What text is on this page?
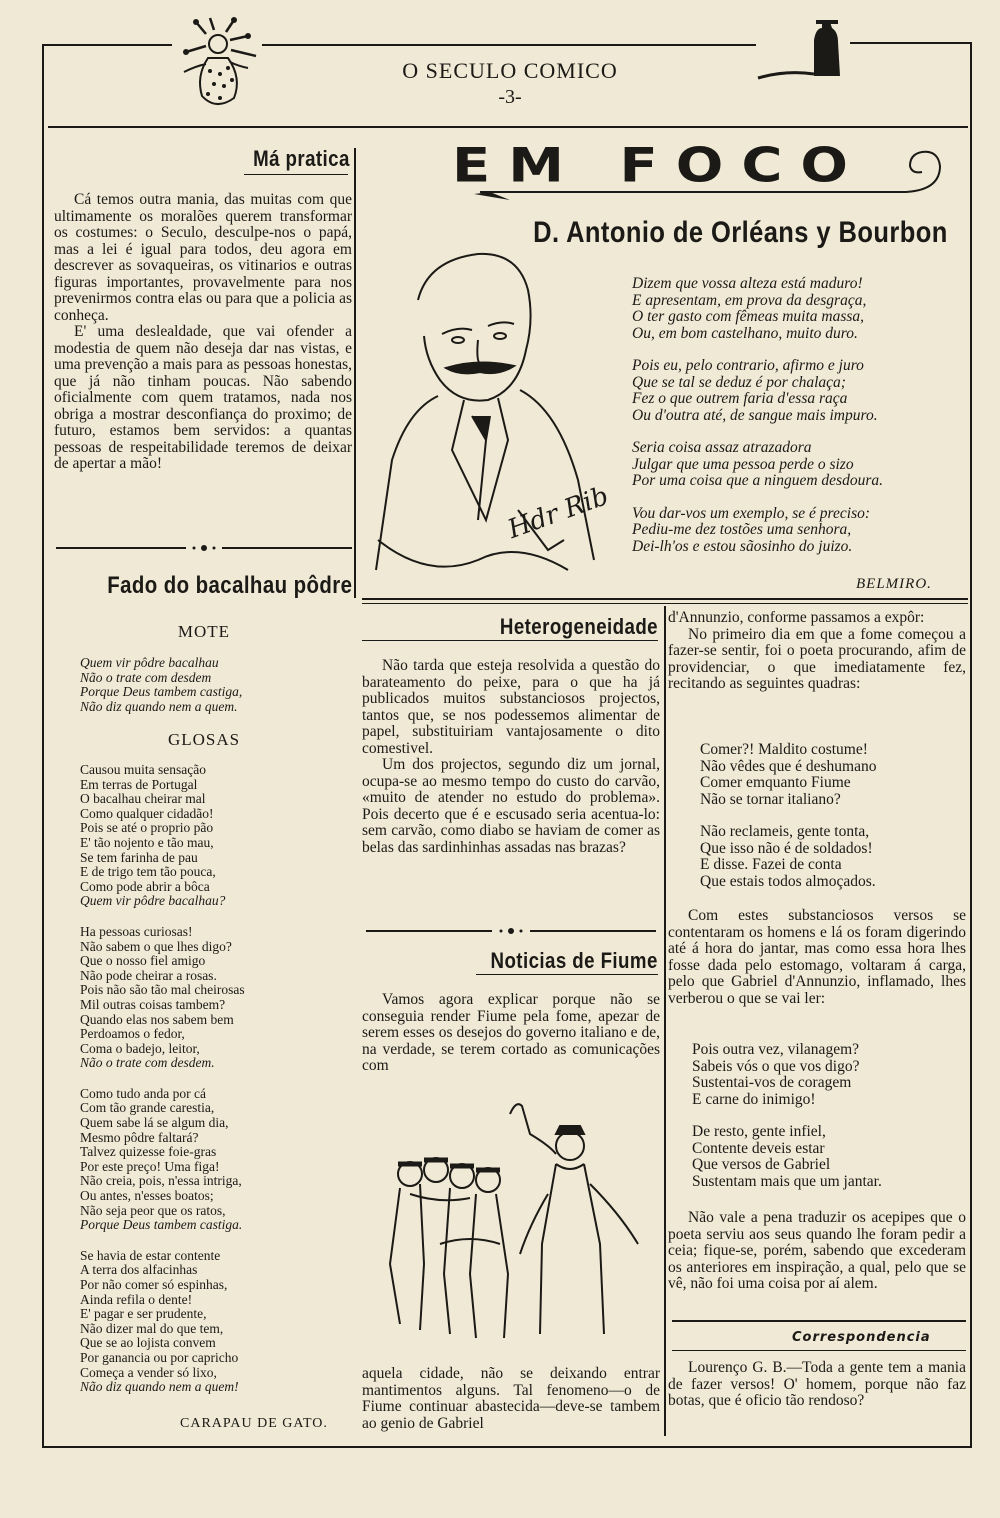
O SECULO COMICO
-3-
Má pratica

Cá temos outra mania, das muitas com que ultimamente os moralões querem transformar os costumes: o Seculo, desculpe-nos o papá, mas a lei é igual para todos, deu agora em descrever as sovaqueiras, os vitinarios e outras figuras importantes, provavelmente para nos prevenirmos contra elas ou para que a policia as conheça.

E' uma deslealdade, que vai ofender a modestia de quem não deseja dar nas vistas, e uma prevenção a mais para as pessoas honestas, que já não tinham poucas. Não sabendo oficialmente com quem tratamos, nada nos obriga a mostrar desconfiança do proximo; de futuro, estamos bem servidos: a quantas pessoas de respeitabilidade teremos de deixar de apertar a mão!

Fado do bacalhau pôdre
MOTE
Quem vir pôdre bacalhau
Não o trate com desdem
Porque Deus tambem castiga,
Não diz quando nem a quem.
GLOSAS
Causou muita sensação
Em terras de Portugal
O bacalhau cheirar mal
Como qualquer cidadão!
Pois se até o proprio pão
E' tão nojento e tão mau,
Se tem farinha de pau
E de trigo tem tão pouca,
Como pode abrir a bôca
Quem vir pôdre bacalhau?
Ha pessoas curiosas!
Não sabem o que lhes digo?
Que o nosso fiel amigo
Não pode cheirar a rosas.
Pois não são tão mal cheirosas
Mil outras coisas tambem?
Quando elas nos sabem bem
Perdoamos o fedor,
Coma o badejo, leitor,
Não o trate com desdem.
Como tudo anda por cá
Com tão grande carestia,
Quem sabe lá se algum dia,
Mesmo pôdre faltará?
Talvez quizesse foie-gras
Por este preço! Uma figa!
Não creia, pois, n'essa intriga,
Ou antes, n'esses boatos;
Não seja peor que os ratos,
Porque Deus tambem castiga.
Se havia de estar contente
A terra dos alfacinhas
Por não comer só espinhas,
Ainda refila o dente!
E' pagar e ser prudente,
Não dizer mal do que tem,
Que se ao lojista convem
Por ganancia ou por capricho
Começa a vender só lixo,
Não diz quando nem a quem!
CARAPAU DE GATO.
EM FOCO
D. Antonio de Orléans y Bourbon
Hdr Rib
Dizem que vossa alteza está maduro!
E apresentam, em prova da desgraça,
O ter gasto com fêmeas muita massa,
Ou, em bom castelhano, muito duro.
Pois eu, pelo contrario, afirmo e juro
Que se tal se deduz é por chalaça;
Fez o que outrem faria d'essa raça
Ou d'outra até, de sangue mais impuro.
Seria coisa assaz atrazadora
Julgar que uma pessoa perde o sizo
Por uma coisa que a ninguem desdoura.
Vou dar-vos um exemplo, se é preciso:
Pediu-me dez tostões uma senhora,
Dei-lh'os e estou sãosinho do juizo.
BELMIRO.
Heterogeneidade

Não tarda que esteja resolvida a questão do barateamento do peixe, para o que ha já publicados muitos substanciosos projectos, tantos que, se nos podessemos alimentar de papel, substituiriam vantajosamente o dito comestivel.

Um dos projectos, segundo diz um jornal, ocupa-se ao mesmo tempo do custo do carvão, «muito de atender no estudo do problema». Pois decerto que é e escusado seria acentua-lo: sem carvão, como diabo se haviam de comer as belas das sardinhinhas assadas nas brazas?

Noticias de Fiume

Vamos agora explicar porque não se conseguia render Fiume pela fome, apezar de serem esses os desejos do governo italiano e de, na verdade, se terem cortado as comunicações com

aquela cidade, não se deixando entrar mantimentos alguns. Tal fenomeno—o de Fiume continuar abastecida—deve-se tambem ao genio de Gabriel

d'Annunzio, conforme passamos a expôr:

No primeiro dia em que a fome começou a fazer-se sentir, foi o poeta procurando, afim de providenciar, o que imediatamente fez, recitando as seguintes quadras:

Comer?! Maldito costume!
Não vêdes que é deshumano
Comer emquanto Fiume
Não se tornar italiano?
Não reclameis, gente tonta,
Que isso não é de soldados!
E disse. Fazei de conta
Que estais todos almoçados.

Com estes substanciosos versos se contentaram os homens e lá os foram digerindo até á hora do jantar, mas como essa hora lhes fosse dada pelo estomago, voltaram á carga, pelo que Gabriel d'Annunzio, inflamado, lhes verberou o que se vai ler:

Pois outra vez, vilanagem?
Sabeis vós o que vos digo?
Sustentai-vos de coragem
E carne do inimigo!
De resto, gente infiel,
Contente deveis estar
Que versos de Gabriel
Sustentam mais que um jantar.

Não vale a pena traduzir os acepipes que o poeta serviu aos seus quando lhe foram pedir a ceia; fique-se, porém, sabendo que excederam os anteriores em inspiração, a qual, pelo que se vê, não foi uma coisa por aí alem.

Correspondencia

Lourenço G. B.—Toda a gente tem a mania de fazer versos! O' homem, porque não faz botas, que é oficio tão rendoso?
